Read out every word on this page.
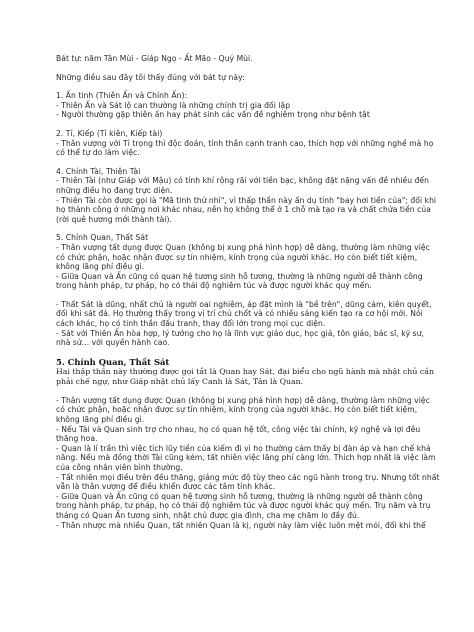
Bát tự: năm Tân Mùi - Giáp Ngọ - Ất Mão - Quý Mùi.

Những điều sau đây tôi thấy đúng với bát tự này:

1. Ấn tinh (Thiên Ấn và Chính Ấn):
- Thiên Ấn và Sát lộ can thường là những chính trị gia đối lập
- Người thường gặp thiên ấn hay phát sinh các vấn đề nghiêm trọng như bệnh tật

2. Tỉ, Kiếp (Tỉ kiên, Kiếp tài)
- Thân vượng với Tỉ trọng thì độc đoán, tính thần cạnh tranh cao, thích hợp với những nghề mà họ
có thể tự do làm việc.

4. Chính Tài, Thiên Tài
- Thiên Tài (như Giáp với Mậu) có tính khí rộng rãi với tiền bạc, không đặt nặng vấn đề nhiều đến
những điều họ đang trực diện.
- Thiên Tài còn được gọi là "Mã tinh thứ nhì", vì thấp thần này ấn dụ tính "bay hơi tiền của"; đối khi
họ thành công ở những nơi khác nhau, nên họ không thể ở 1 chỗ mà tạo ra và chất chứa tiền của
(rời quê hương mới thành tài).

5. Chính Quan, Thất Sát
- Thân vượng tất dụng được Quan (không bị xung phá hình hợp) dễ dàng, thường làm những việc
có chức phận, hoặc nhận được sự tín nhiệm, kính trọng của người khác. Họ còn biết tiết kiệm,
không lãng phí điều gì.
- Giữa Quan và Ấn cũng có quan hệ tương sinh hỗ tương, thường là những người dễ thành công
trong hành pháp, tư pháp, họ có thái độ nghiêm túc và được người khác quý mến.

- Thất Sát là dũng, nhất chủ là người oai nghiêm, áp đặt mình là "bề trên", dũng cảm, kiên quyết,
đối khi sát đả. Họ thường thấy trong vị trí chủ chốt và có nhiều sáng kiến tạo ra cơ hội mới. Nói
cách khác, họ có tinh thần đấu tranh, thay đổi lớn trong mọi cục diện.
- Sát với Thiên Ấn hòa hợp, lý tưởng cho họ là lĩnh vực giáo dục, học giả, tôn giáo, bác sĩ, kỹ sư,
nhà sử... với quyền hành cao.

5. Chính Quan, Thất Sát

Hai thập thần này thường được gọi tắt là Quan hay Sát, đại biểu cho ngũ hành mà nhật chủ cần
phải chế ngự, như Giáp nhật chủ lấy Canh là Sát, Tân là Quan.

- Thân vượng tất dụng được Quan (không bị xung phá hình hợp) dễ dàng, thường làm những việc
có chức phận, hoặc nhận được sự tín nhiệm, kính trọng của người khác. Họ còn biết tiết kiệm,
không lãng phí điều gì.
- Nếu Tài và Quan sinh trợ cho nhau, họ có quan hệ tốt, công việc tài chính, kỹ nghệ và lợi đều
thăng hoa.
- Quan là lí trần thì việc tích lũy tiền của kiếm đi vì họ thường cảm thấy bị đàn áp và hạn chế khả
năng. Nếu mà đồng thời Tài cũng kém, tất nhiên việc lãng phí càng lớn. Thích hợp nhất là việc làm
của công nhân viên bình thường.
- Tất nhiên mọi điều trên đều thăng, giảng mức độ tùy theo các ngũ hành trong trụ. Nhưng tốt nhất
vẫn là thân vượng để điều khiển được các tâm tính khác.
- Giữa Quan và Ấn cũng có quan hệ tương sinh hỗ tương, thường là những người dễ thành công
trong hành pháp, tư pháp, họ có thái độ nghiêm túc và được người khác quý mến. Trụ năm và trụ
tháng có Quan Ấn tương sinh, nhật chủ được gia đình, cha mẹ chăm lo đầy đủ.
- Thân nhược mà nhiều Quan, tất nhiên Quan là kị, người này làm việc luôn mệt mỏi, đối khi thể
